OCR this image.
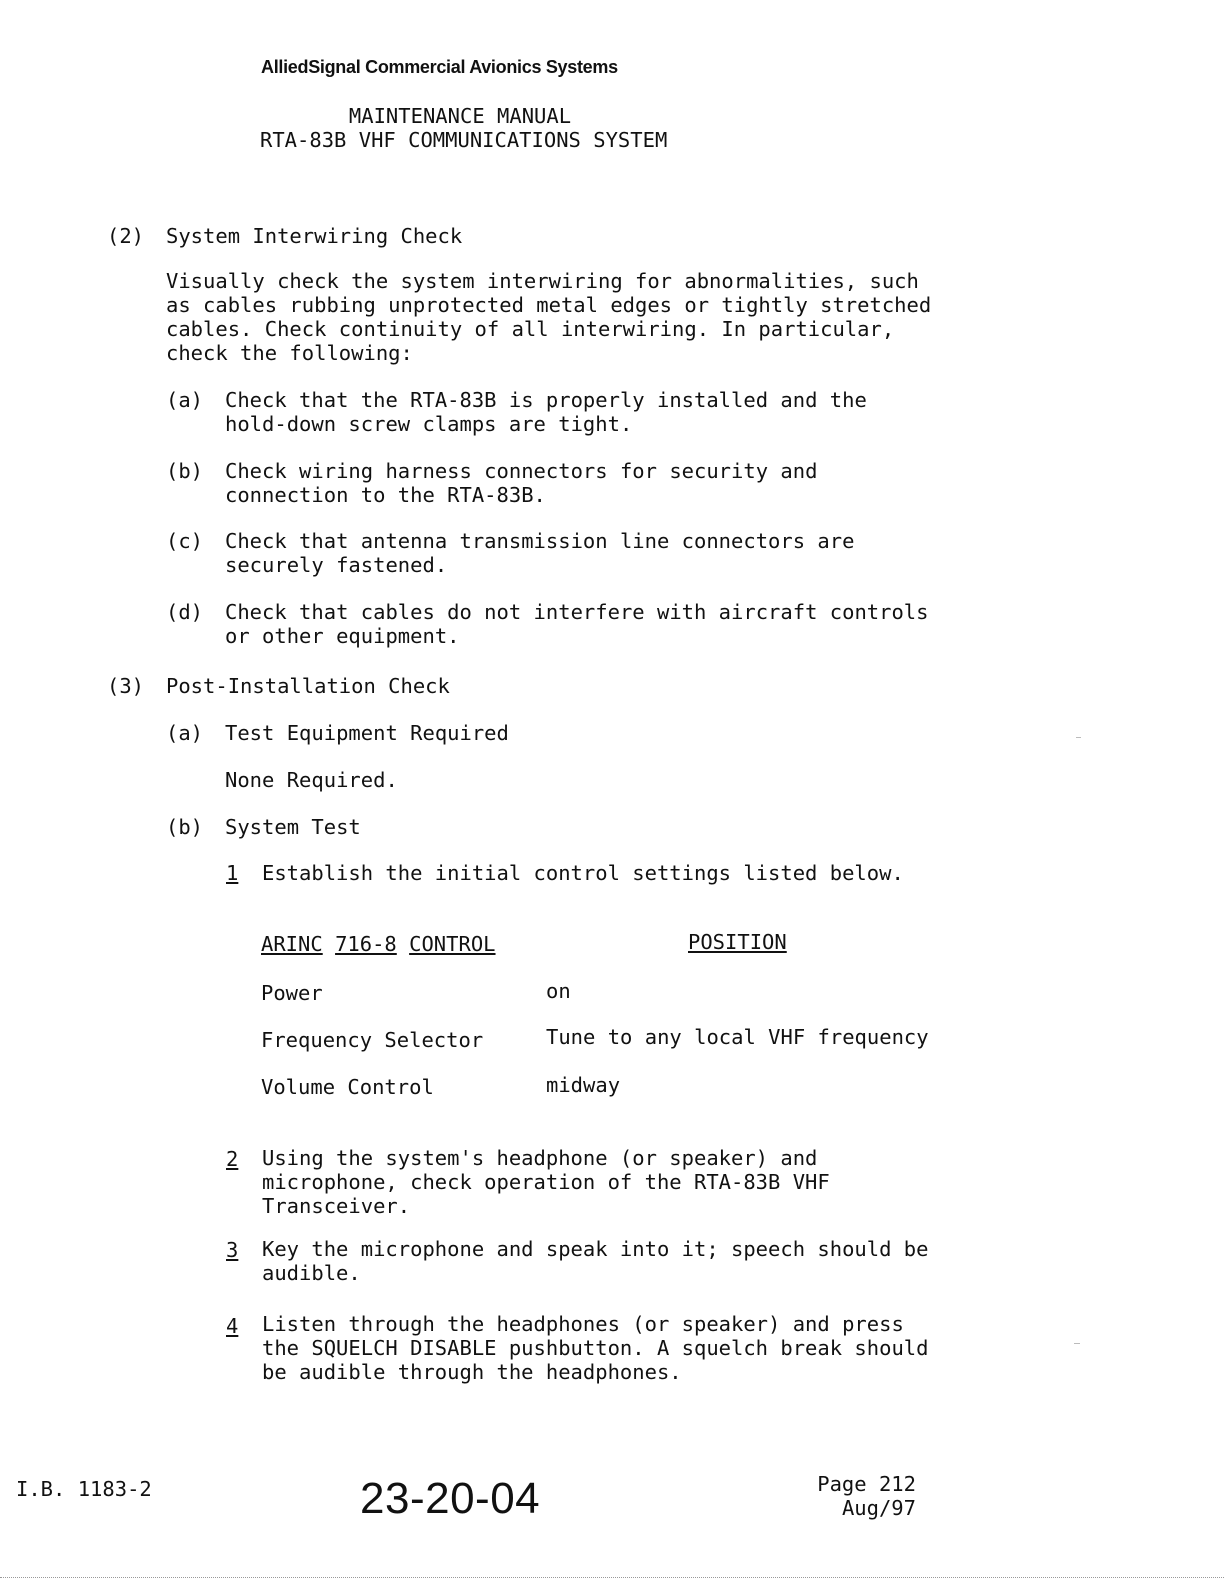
AlliedSignal Commercial Avionics Systems
MAINTENANCE MANUAL
RTA-83B VHF COMMUNICATIONS SYSTEM
(2) System Interwiring Check
Visually check the system interwiring for abnormalities, such
as cables rubbing unprotected metal edges or tightly stretched
cables. Check continuity of all interwiring. In particular,
check the following:
(a) Check that the RTA-83B is properly installed and the
hold-down screw clamps are tight.
(b) Check wiring harness connectors for security and
connection to the RTA-83B.
(c) Check that antenna transmission line connectors are
securely fastened.
(d) Check that cables do not interfere with aircraft controls
or other equipment.
(3) Post-Installation Check
(a) Test Equipment Required
None Required.
(b) System Test
1 Establish the initial control settings listed below.
ARINC 716-8 CONTROL	POSITION
Power	on
Frequency Selector	Tune to any local VHF frequency
Volume Control	midway
2 Using the system's headphone (or speaker) and
microphone, check operation of the RTA-83B VHF
Transceiver.
3 Key the microphone and speak into it; speech should be
audible.
4 Listen through the headphones (or speaker) and press
the SQUELCH DISABLE pushbutton. A squelch break should
be audible through the headphones.
I.B. 1183-2	23-20-04	Page 212
Aug/97
